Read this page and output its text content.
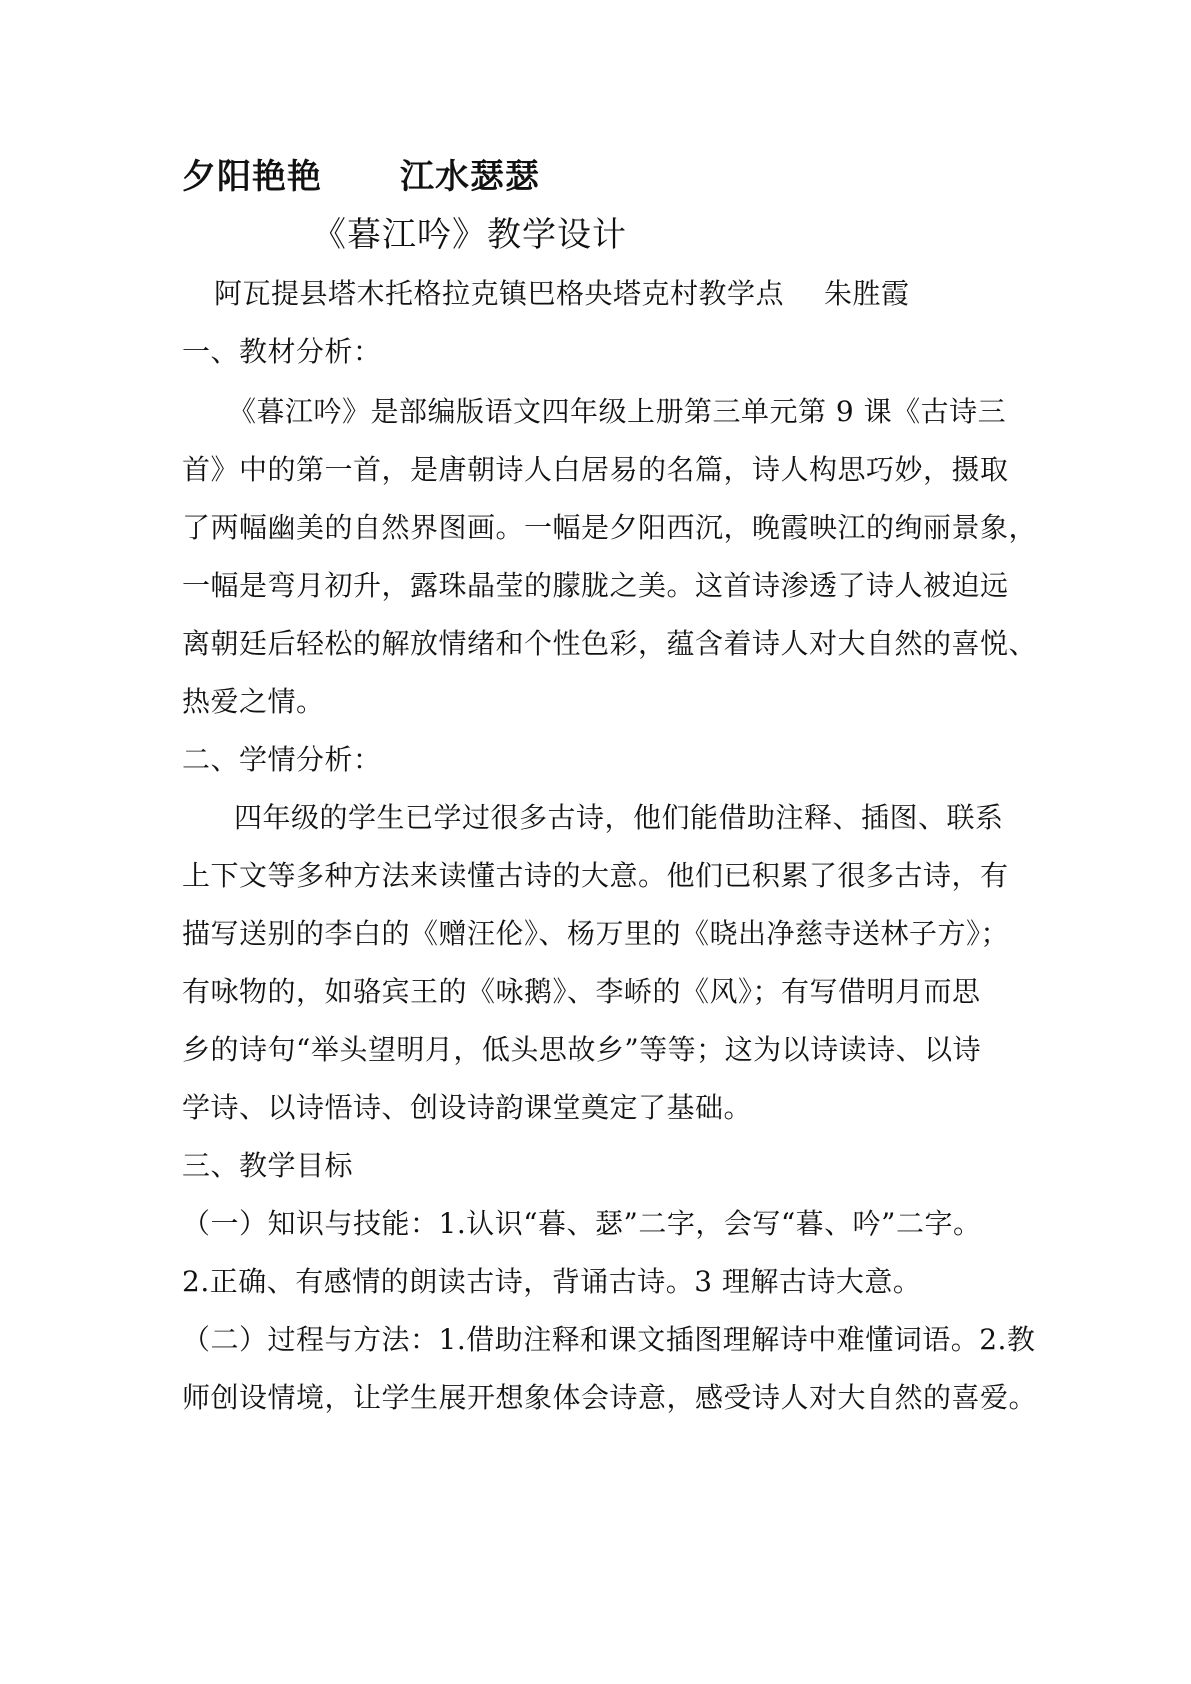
夕阳艳艳 江水瑟瑟
《暮江吟》教学设计
阿瓦提县塔木托格拉克镇巴格央塔克村教学点 朱胜霞
一、教材分析：
《暮江吟》是部编版语文四年级上册第三单元第 9 课《古诗三
首》中的第一首，是唐朝诗人白居易的名篇，诗人构思巧妙，摄取
了两幅幽美的自然界图画。一幅是夕阳西沉，晚霞映江的绚丽景象，
一幅是弯月初升，露珠晶莹的朦胧之美。这首诗渗透了诗人被迫远
离朝廷后轻松的解放情绪和个性色彩，蕴含着诗人对大自然的喜悦、
热爱之情。
二、学情分析：
四年级的学生已学过很多古诗，他们能借助注释、插图、联系
上下文等多种方法来读懂古诗的大意。他们已积累了很多古诗，有
描写送别的李白的《赠汪伦》、杨万里的《晓出净慈寺送林子方》；
有咏物的，如骆宾王的《咏鹅》、李峤的《风》；有写借明月而思
乡的诗句“举头望明月，低头思故乡”等等；这为以诗读诗、以诗
学诗、以诗悟诗、创设诗韵课堂奠定了基础。
三、教学目标
（一）知识与技能：1.认识“暮、瑟”二字，会写“暮、吟”二字。
2.正确、有感情的朗读古诗，背诵古诗。3 理解古诗大意。
（二）过程与方法：1.借助注释和课文插图理解诗中难懂词语。2.教
师创设情境，让学生展开想象体会诗意，感受诗人对大自然的喜爱。
